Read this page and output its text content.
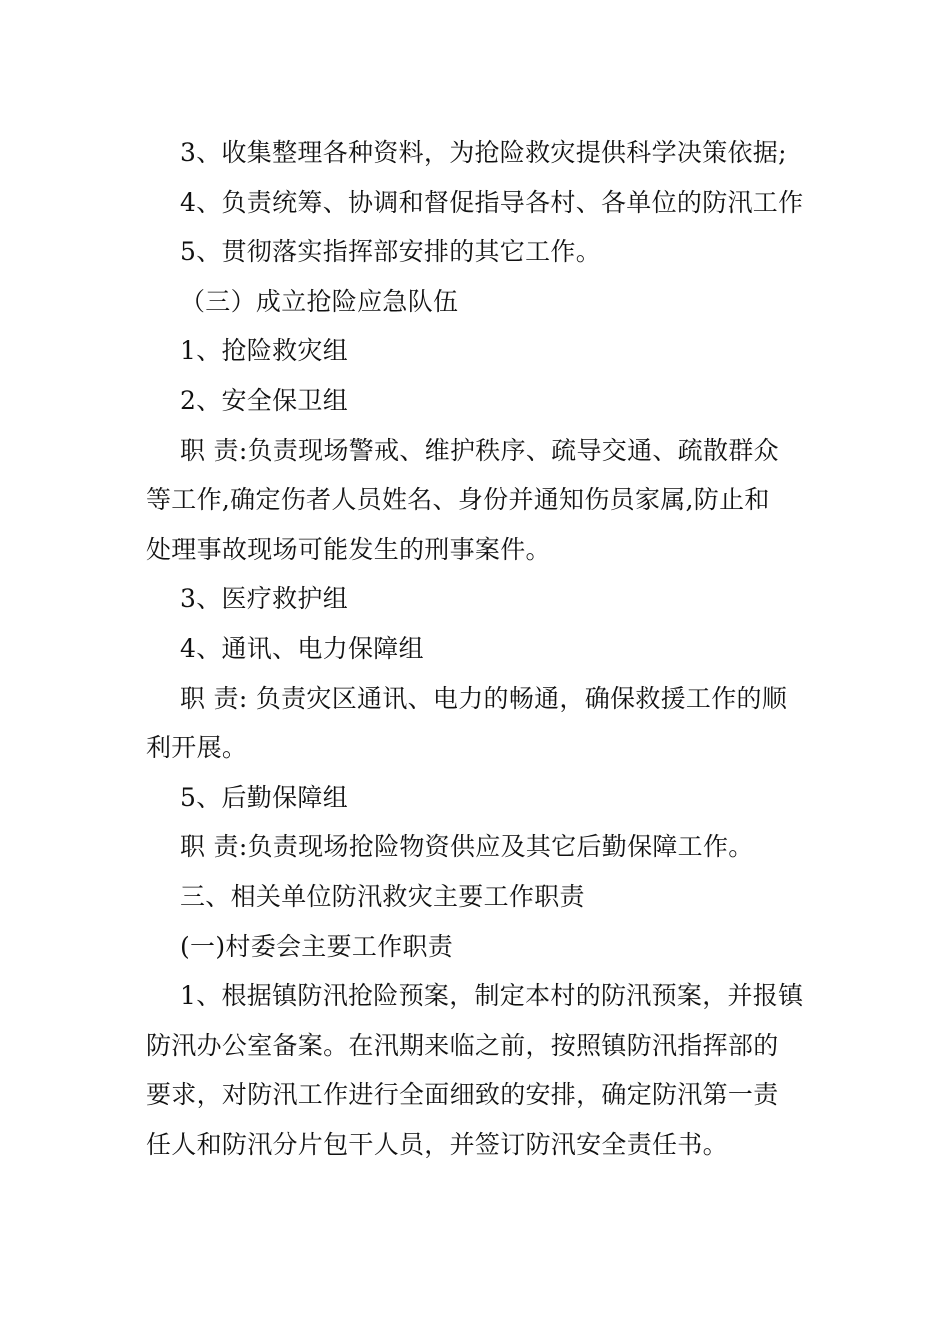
3、收集整理各种资料，为抢险救灾提供科学决策依据;

4、负责统筹、协调和督促指导各村、各单位的防汛工作

5、贯彻落实指挥部安排的其它工作。

（三）成立抢险应急队伍

1、抢险救灾组

2、安全保卫组

职 责:负责现场警戒、维护秩序、疏导交通、疏散群众

等工作,确定伤者人员姓名、身份并通知伤员家属,防止和

处理事故现场可能发生的刑事案件。

3、医疗救护组

4、通讯、电力保障组

职 责: 负责灾区通讯、电力的畅通，确保救援工作的顺

利开展。

5、后勤保障组

职 责:负责现场抢险物资供应及其它后勤保障工作。

三、相关单位防汛救灾主要工作职责

(一)村委会主要工作职责

1、根据镇防汛抢险预案，制定本村的防汛预案，并报镇

防汛办公室备案。在汛期来临之前，按照镇防汛指挥部的

要求，对防汛工作进行全面细致的安排，确定防汛第一责

任人和防汛分片包干人员，并签订防汛安全责任书。
